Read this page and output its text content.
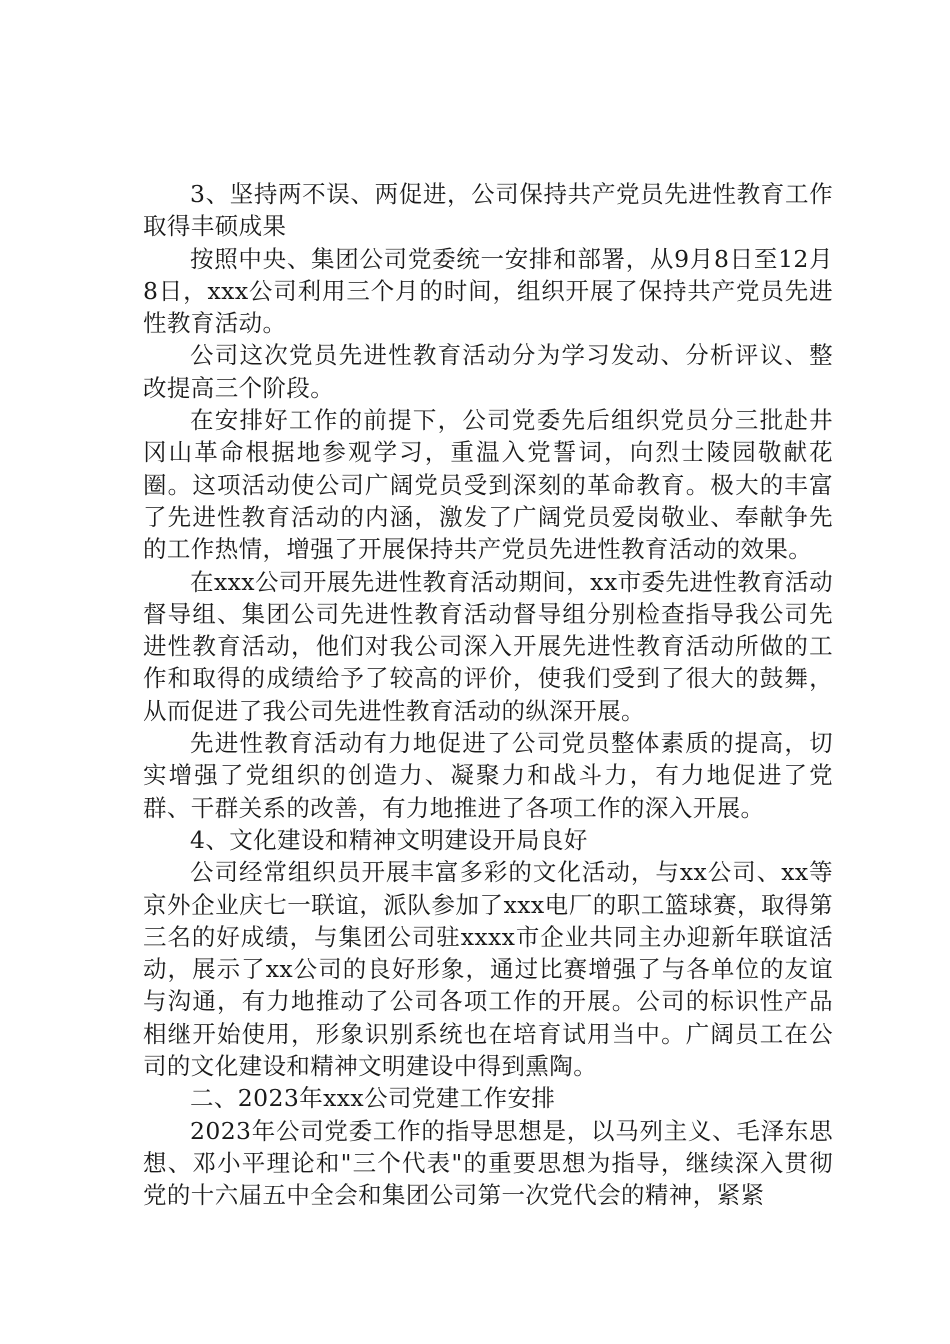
3、坚持两不误、两促进，公司保持共产党员先进性教育工作取得丰硕成果

按照中央、集团公司党委统一安排和部署，从9月8日至12月8日，xxx公司利用三个月的时间，组织开展了保持共产党员先进性教育活动。

公司这次党员先进性教育活动分为学习发动、分析评议、整改提高三个阶段。

在安排好工作的前提下，公司党委先后组织党员分三批赴井冈山革命根据地参观学习，重温入党誓词，向烈士陵园敬献花圈。这项活动使公司广阔党员受到深刻的革命教育。极大的丰富了先进性教育活动的内涵，激发了广阔党员爱岗敬业、奉献争先的工作热情，增强了开展保持共产党员先进性教育活动的效果。

在xxx公司开展先进性教育活动期间，xx市委先进性教育活动督导组、集团公司先进性教育活动督导组分别检查指导我公司先进性教育活动，他们对我公司深入开展先进性教育活动所做的工作和取得的成绩给予了较高的评价，使我们受到了很大的鼓舞，从而促进了我公司先进性教育活动的纵深开展。

先进性教育活动有力地促进了公司党员整体素质的提高，切实增强了党组织的创造力、凝聚力和战斗力，有力地促进了党群、干群关系的改善，有力地推进了各项工作的深入开展。

4、文化建设和精神文明建设开局良好

公司经常组织员开展丰富多彩的文化活动，与xx公司、xx等京外企业庆七一联谊，派队参加了xxx电厂的职工篮球赛，取得第三名的好成绩，与集团公司驻xxxx市企业共同主办迎新年联谊活动，展示了xx公司的良好形象，通过比赛增强了与各单位的友谊与沟通，有力地推动了公司各项工作的开展。公司的标识性产品相继开始使用，形象识别系统也在培育试用当中。广阔员工在公司的文化建设和精神文明建设中得到熏陶。

二、2023年xxx公司党建工作安排

2023年公司党委工作的指导思想是，以马列主义、毛泽东思想、邓小平理论和"三个代表"的重要思想为指导，继续深入贯彻党的十六届五中全会和集团公司第一次党代会的精神，紧紧
